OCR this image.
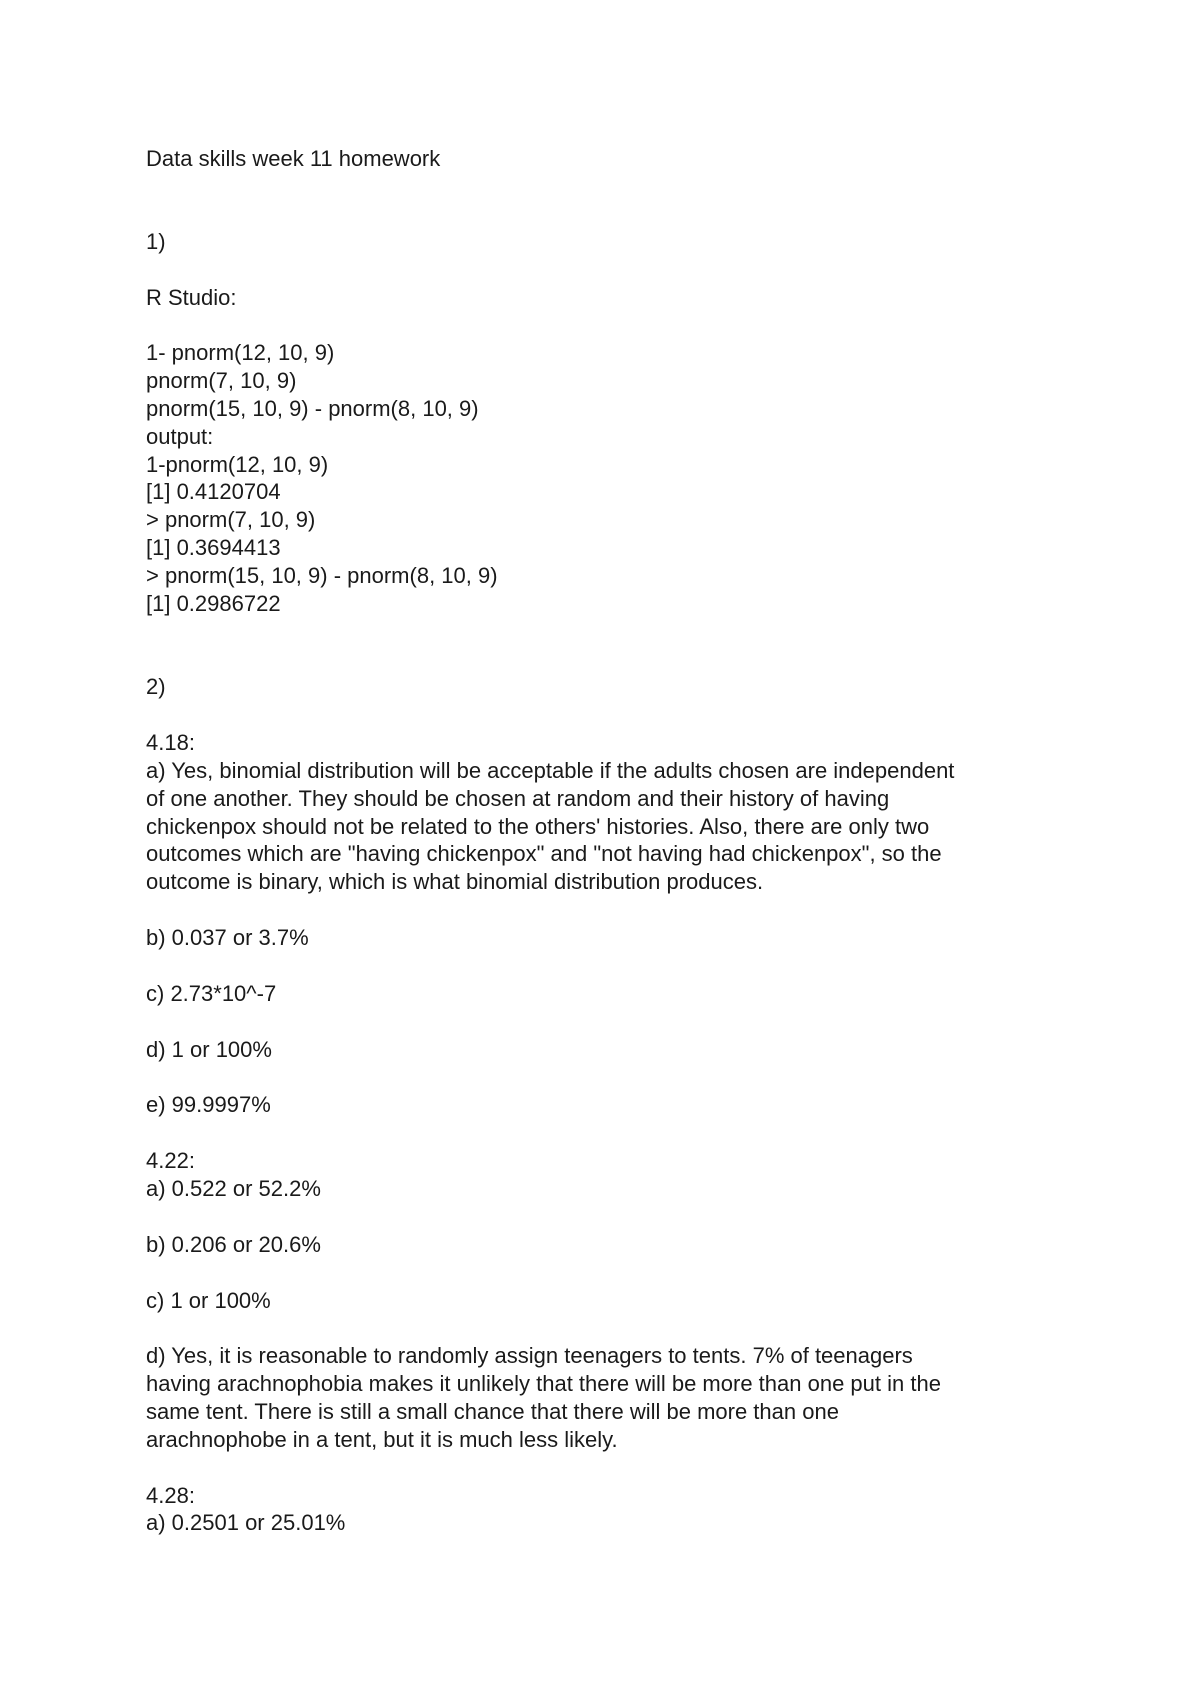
Data skills week 11 homework
1)
R Studio:
1- pnorm(12, 10, 9)
pnorm(7, 10, 9)
pnorm(15, 10, 9) - pnorm(8, 10, 9)
output:
1-pnorm(12, 10, 9)
[1] 0.4120704
> pnorm(7, 10, 9)
[1] 0.3694413
> pnorm(15, 10, 9) - pnorm(8, 10, 9)
[1] 0.2986722
2)
4.18:
a) Yes, binomial distribution will be acceptable if the adults chosen are independent
of one another. They should be chosen at random and their history of having
chickenpox should not be related to the others' histories. Also, there are only two
outcomes which are "having chickenpox" and "not having had chickenpox", so the
outcome is binary, which is what binomial distribution produces.
b) 0.037 or 3.7%
c) 2.73*10^-7
d) 1 or 100%
e) 99.9997%
4.22:
a) 0.522 or 52.2%
b) 0.206 or 20.6%
c) 1 or 100%
d) Yes, it is reasonable to randomly assign teenagers to tents. 7% of teenagers
having arachnophobia makes it unlikely that there will be more than one put in the
same tent. There is still a small chance that there will be more than one
arachnophobe in a tent, but it is much less likely.
4.28:
a) 0.2501 or 25.01%
